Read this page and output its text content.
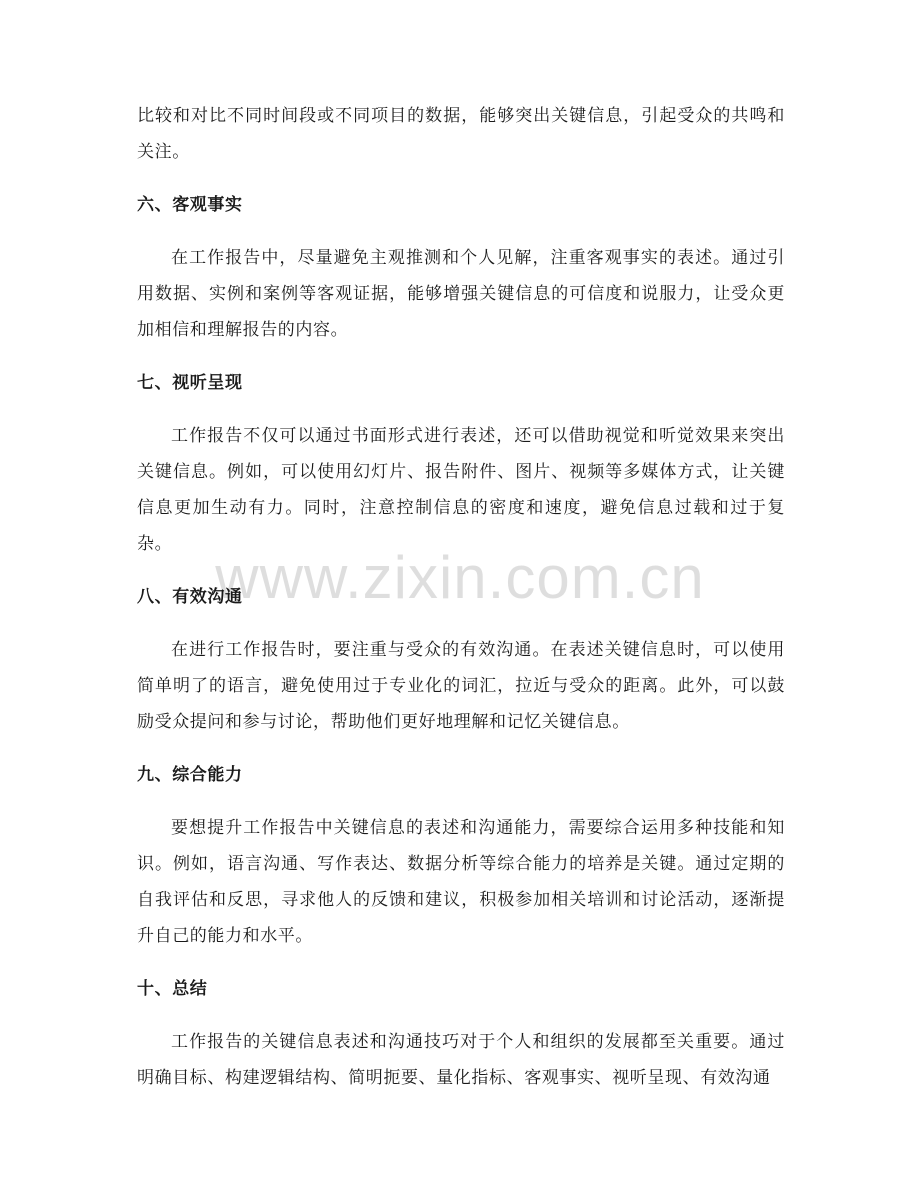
比较和对比不同时间段或不同项目的数据，能够突出关键信息，引起受众的共鸣和关注。

六、客观事实

在工作报告中，尽量避免主观推测和个人见解，注重客观事实的表述。通过引用数据、实例和案例等客观证据，能够增强关键信息的可信度和说服力，让受众更加相信和理解报告的内容。

七、视听呈现

工作报告不仅可以通过书面形式进行表述，还可以借助视觉和听觉效果来突出关键信息。例如，可以使用幻灯片、报告附件、图片、视频等多媒体方式，让关键信息更加生动有力。同时，注意控制信息的密度和速度，避免信息过载和过于复杂。

八、有效沟通

在进行工作报告时，要注重与受众的有效沟通。在表述关键信息时，可以使用简单明了的语言，避免使用过于专业化的词汇，拉近与受众的距离。此外，可以鼓励受众提问和参与讨论，帮助他们更好地理解和记忆关键信息。

九、综合能力

要想提升工作报告中关键信息的表述和沟通能力，需要综合运用多种技能和知识。例如，语言沟通、写作表达、数据分析等综合能力的培养是关键。通过定期的自我评估和反思，寻求他人的反馈和建议，积极参加相关培训和讨论活动，逐渐提升自己的能力和水平。

十、总结

工作报告的关键信息表述和沟通技巧对于个人和组织的发展都至关重要。通过明确目标、构建逻辑结构、简明扼要、量化指标、客观事实、视听呈现、有效沟通

www.zixin.com.cn
